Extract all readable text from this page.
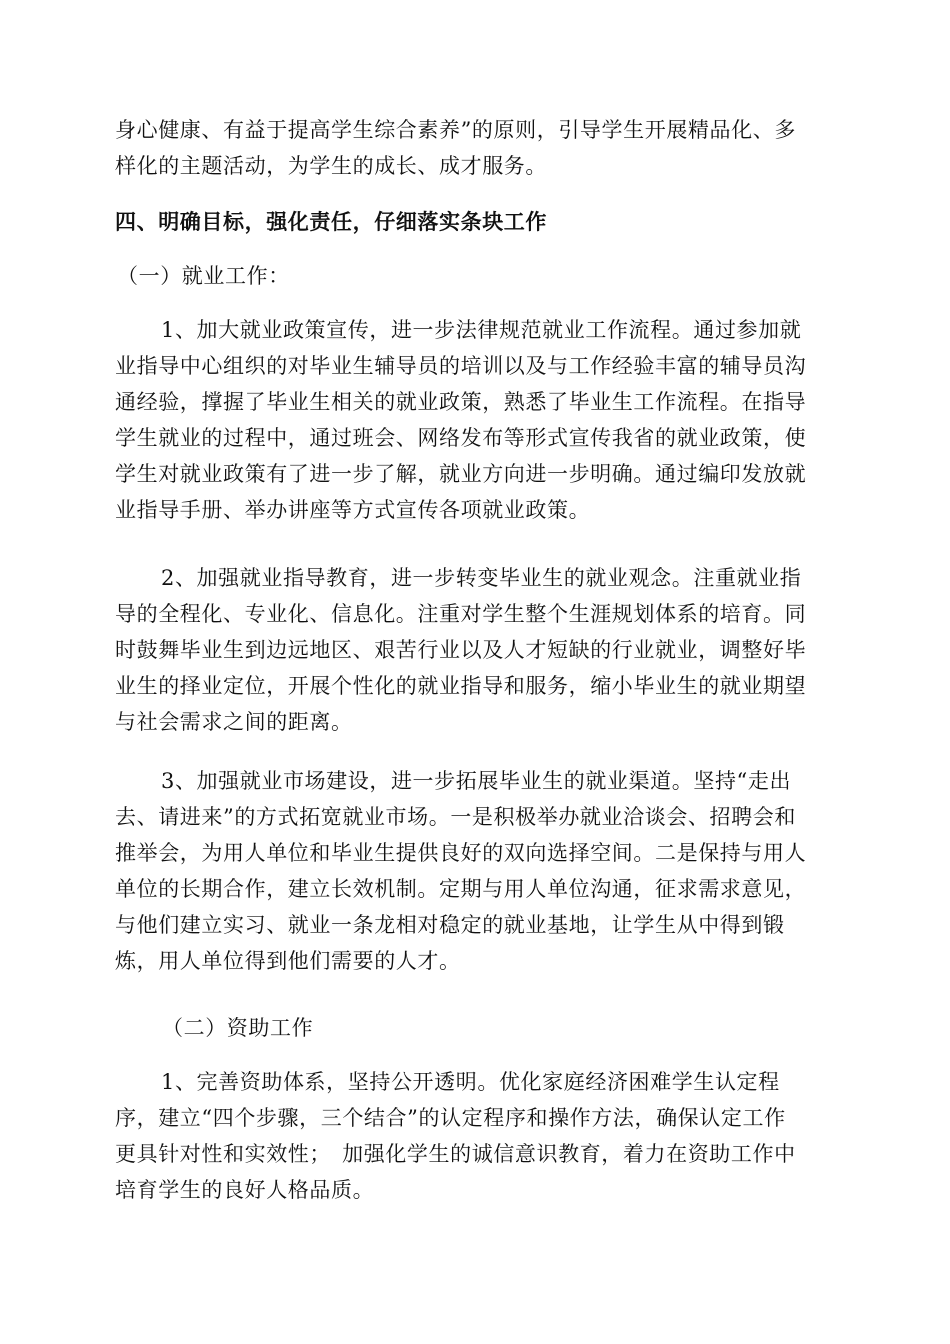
身心健康、有益于提高学生综合素养”的原则，引导学生开展精品化、多
样化的主题活动，为学生的成长、成才服务。
四、明确目标，强化责任，仔细落实条块工作
（一）就业工作：
1、加大就业政策宣传，进一步法律规范就业工作流程。通过参加就
业指导中心组织的对毕业生辅导员的培训以及与工作经验丰富的辅导员沟
通经验，撑握了毕业生相关的就业政策，熟悉了毕业生工作流程。在指导
学生就业的过程中，通过班会、网络发布等形式宣传我省的就业政策，使
学生对就业政策有了进一步了解，就业方向进一步明确。通过编印发放就
业指导手册、举办讲座等方式宣传各项就业政策。
2、加强就业指导教育，进一步转变毕业生的就业观念。注重就业指
导的全程化、专业化、信息化。注重对学生整个生涯规划体系的培育。同
时鼓舞毕业生到边远地区、艰苦行业以及人才短缺的行业就业，调整好毕
业生的择业定位，开展个性化的就业指导和服务，缩小毕业生的就业期望
与社会需求之间的距离。
3、加强就业市场建设，进一步拓展毕业生的就业渠道。坚持“走出
去、请进来”的方式拓宽就业市场。一是积极举办就业洽谈会、招聘会和
推举会，为用人单位和毕业生提供良好的双向选择空间。二是保持与用人
单位的长期合作，建立长效机制。定期与用人单位沟通，征求需求意见，
与他们建立实习、就业一条龙相对稳定的就业基地，让学生从中得到锻
炼，用人单位得到他们需要的人才。
（二）资助工作
1、完善资助体系，坚持公开透明。优化家庭经济困难学生认定程
序，建立“四个步骤，三个结合”的认定程序和操作方法，确保认定工作
更具针对性和实效性；　加强化学生的诚信意识教育，着力在资助工作中
培育学生的良好人格品质。
